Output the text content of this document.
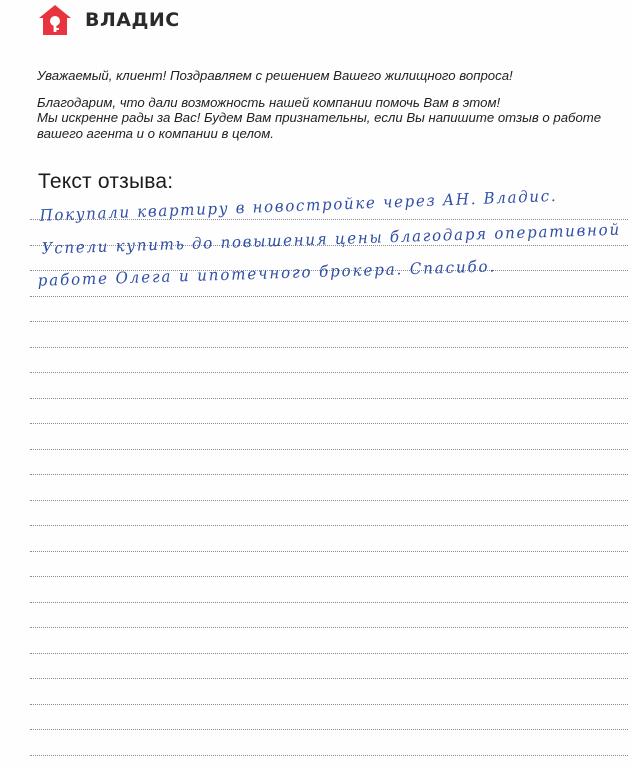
ВЛАДИС

Уважаемый, клиент! Поздравляем с решением Вашего жилищного вопроса!

Благодарим, что дали возможность нашей компании помочь Вам в этом!

Мы искренне рады за Вас! Будем Вам признательны, если Вы напишите отзыв о работе

вашего агента и о компании в целом.

Текст отзыва:
Покупали квартиру в новостройке через АН. Владис.
Успели купить до повышения цены благодаря оперативной
работе Олега и ипотечного брокера. Спасибо.
